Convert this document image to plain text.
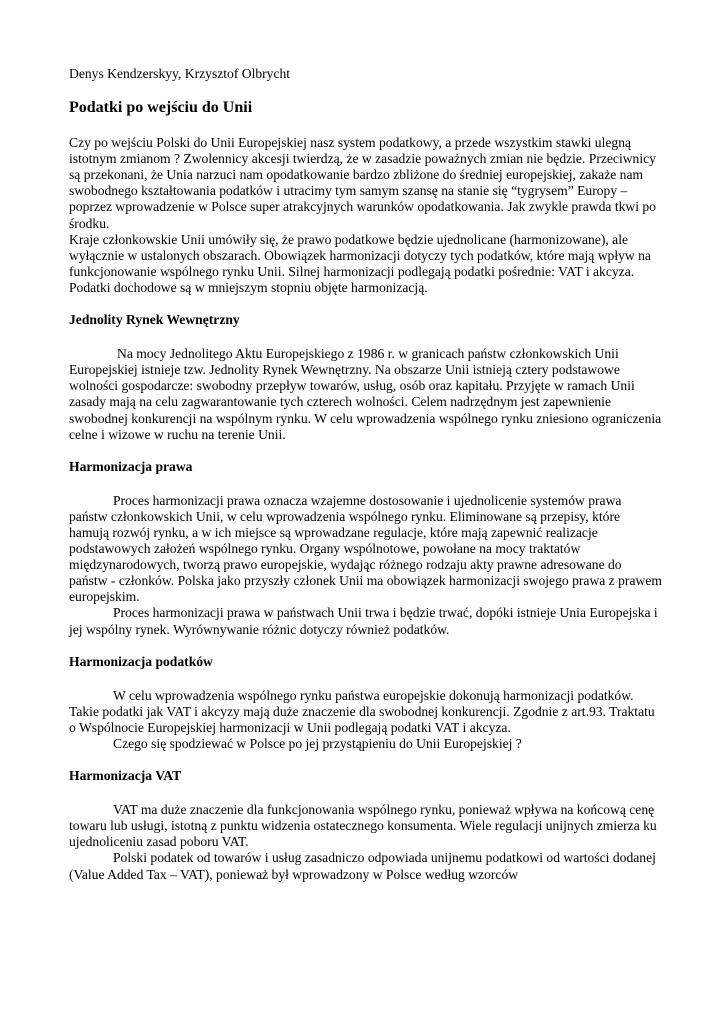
Denys Kendzerskyy, Krzysztof Olbrycht
Podatki po wejściu do Unii

Czy po wejściu Polski do Unii Europejskiej nasz system podatkowy, a przede wszystkim stawki ulegną istotnym zmianom ? Zwolennicy akcesji twierdzą, że w zasadzie poważnych zmian nie będzie. Przeciwnicy są przekonani, że Unia narzuci nam opodatkowanie bardzo zbliżone do średniej europejskiej, zakaże nam swobodnego kształtowania podatków i utracimy tym samym szansę na stanie się “tygrysem” Europy – poprzez wprowadzenie w Polsce super atrakcyjnych warunków opodatkowania. Jak zwykle prawda tkwi po środku.

Kraje członkowskie Unii umówiły się, że prawo podatkowe będzie ujednolicane (harmonizowane), ale wyłącznie w ustalonych obszarach. Obowiązek harmonizacji dotyczy tych podatków, które mają wpływ na funkcjonowanie wspólnego rynku Unii. Silnej harmonizacji podlegają podatki pośrednie: VAT i akcyza. Podatki dochodowe są w mniejszym stopniu objęte harmonizacją.

Jednolity Rynek Wewnętrzny

Na mocy Jednolitego Aktu Europejskiego z 1986 r. w granicach państw członkowskich Unii Europejskiej istnieje tzw. Jednolity Rynek Wewnętrzny. Na obszarze Unii istnieją cztery podstawowe wolności gospodarcze: swobodny przepływ towarów, usług, osób oraz kapitału. Przyjęte w ramach Unii zasady mają na celu zagwarantowanie tych czterech wolności. Celem nadrzędnym jest zapewnienie swobodnej konkurencji na wspólnym rynku. W celu wprowadzenia wspólnego rynku zniesiono ograniczenia celne i wizowe w ruchu na terenie Unii.

Harmonizacja prawa

Proces harmonizacji prawa oznacza wzajemne dostosowanie i ujednolicenie systemów prawa państw członkowskich Unii, w celu wprowadzenia wspólnego rynku. Eliminowane są przepisy, które hamują rozwój rynku, a w ich miejsce są wprowadzane regulacje, które mają zapewnić realizacje podstawowych założeń wspólnego rynku. Organy wspólnotowe, powołane na mocy traktatów międzynarodowych, tworzą prawo europejskie, wydając różnego rodzaju akty prawne adresowane do państw - członków. Polska jako przyszły członek Unii ma obowiązek harmonizacji swojego prawa z prawem europejskim.

Proces harmonizacji prawa w państwach Unii trwa i będzie trwać, dopóki istnieje Unia Europejska i jej wspólny rynek. Wyrównywanie różnic dotyczy również podatków.

Harmonizacja podatków

W celu wprowadzenia wspólnego rynku państwa europejskie dokonują harmonizacji podatków. Takie podatki jak VAT i akcyzy mają duże znaczenie dla swobodnej konkurencji. Zgodnie z art.93. Traktatu o Wspólnocie Europejskiej harmonizacji w Unii podlegają podatki VAT i akcyza.

Czego się spodziewać w Polsce po jej przystąpieniu do Unii Europejskiej ?

Harmonizacja VAT

VAT ma duże znaczenie dla funkcjonowania wspólnego rynku, ponieważ wpływa na końcową cenę towaru lub usługi, istotną z punktu widzenia ostatecznego konsumenta. Wiele regulacji unijnych zmierza ku ujednoliceniu zasad poboru VAT.

Polski podatek od towarów i usług zasadniczo odpowiada unijnemu podatkowi od wartości dodanej (Value Added Tax – VAT), ponieważ był wprowadzony w Polsce według wzorców
